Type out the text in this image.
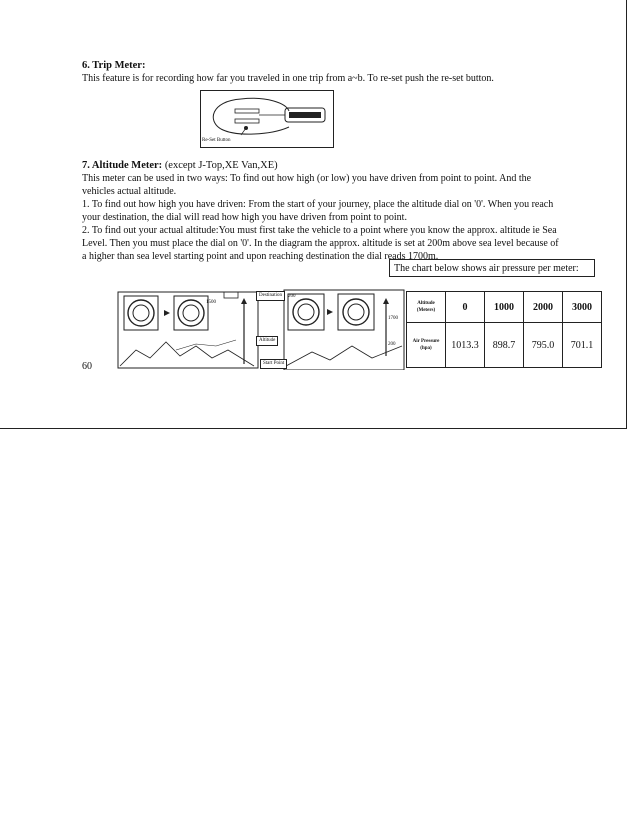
6. Trip Meter:
This feature is for recording how far you traveled in one trip from a~b. To re-set push the re-set button.
Re-Set Button
7. Altitude Meter: (except J-Top,XE Van,XE)
This meter can be used in two ways: To find out how high (or low) you have driven from point to point. And the
vehicles actual altitude.
1. To find out how high you have driven: From the start of your journey, place the altitude dial on '0'. When you reach
your destination, the dial will read how high you have driven from point to point.
2. To find out your actual altitude:You must first take the vehicle to a point where you know the approx. altitude ie Sea
Level. Then you must place the dial on '0'. In the diagram the approx. altitude is set at 200m above sea level because of
a higher than sea level starting point and upon reaching destination the dial reads 1700m.
The chart below shows air pressure per meter:
1500
Destination
Altitude
Start Point
200
1700
200
Altitude (Meters)	0	1000	2000	3000
Air Pressure (hpa)	1013.3	898.7	795.0	701.1
60
